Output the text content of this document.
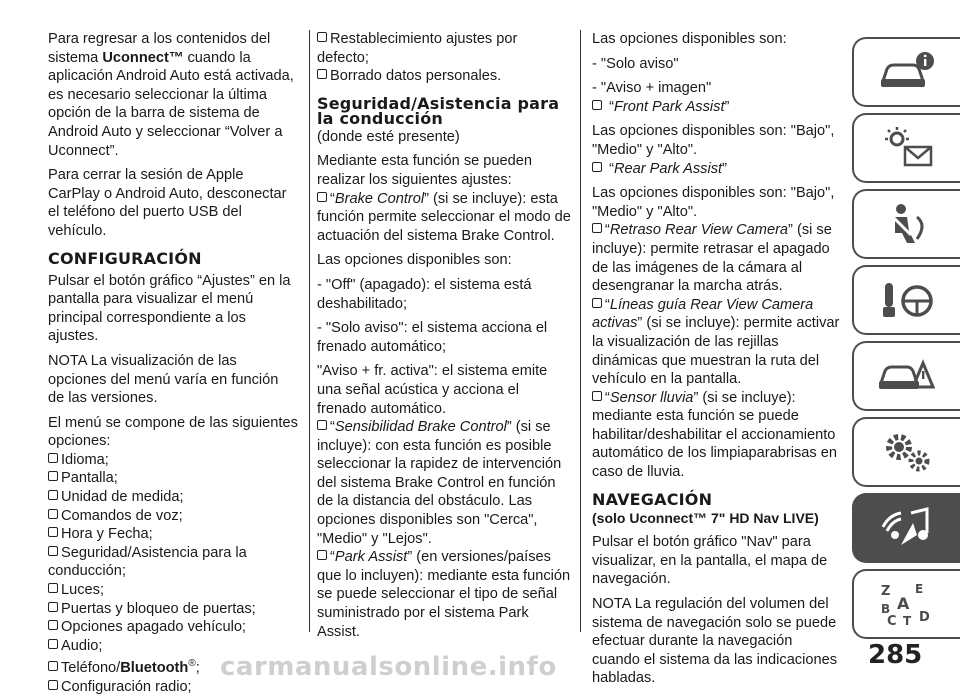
Para regresar a los contenidos del sistema Uconnect™ cuando la aplicación Android Auto está activada, es necesario seleccionar la última opción de la barra de sistema de Android Auto y seleccionar “Volver a Uconnect”.

Para cerrar la sesión de Apple CarPlay o Android Auto, desconectar el teléfono del puerto USB del vehículo.

CONFIGURACIÓN

Pulsar el botón gráfico “Ajustes” en la pantalla para visualizar el menú principal correspondiente a los ajustes.

NOTA La visualización de las opciones del menú varía en función de las versiones.

El menú se compone de las siguientes opciones:

Idioma;
Pantalla;
Unidad de medida;
Comandos de voz;
Hora y Fecha;
Seguridad/Asistencia para la conducción;
Luces;
Puertas y bloqueo de puertas;
Opciones apagado vehículo;
Audio;
Teléfono/Bluetooth®;
Configuración radio;
Restablecimiento ajustes por defecto;
Borrado datos personales.
Seguridad/Asistencia para la conducción

(donde esté presente)

Mediante esta función se pueden realizar los siguientes ajustes:

“Brake Control” (si se incluye): esta función permite seleccionar el modo de actuación del sistema Brake Control.

Las opciones disponibles son:

- "Off" (apagado): el sistema está deshabilitado;

- "Solo aviso": el sistema acciona el frenado automático;

"Aviso + fr. activa": el sistema emite una señal acústica y acciona el frenado automático.

“Sensibilidad Brake Control” (si se incluye): con esta función es posible seleccionar la rapidez de intervención del sistema Brake Control en función de la distancia del obstáculo. Las opciones disponibles son "Cerca", "Medio" y "Lejos".

“Park Assist” (en versiones/países que lo incluyen): mediante esta función se puede seleccionar el tipo de señal suministrado por el sistema Park Assist.

Las opciones disponibles son:

- "Solo aviso"

- "Aviso + imagen"

“Front Park Assist”

Las opciones disponibles son: "Bajo", "Medio" y "Alto".

“Rear Park Assist”

Las opciones disponibles son: "Bajo", "Medio" y "Alto".

“Retraso Rear View Camera” (si se incluye): permite retrasar el apagado de las imágenes de la cámara al desengranar la marcha atrás.

“Líneas guía Rear View Camera activas” (si se incluye): permite activar la visualización de las rejillas dinámicas que muestran la ruta del vehículo en la pantalla.

“Sensor lluvia” (si se incluye): mediante esta función se puede habilitar/deshabilitar el accionamiento automático de los limpiaparabrisas en caso de lluvia.

NAVEGACIÓN

(solo Uconnect™ 7" HD Nav LIVE)

Pulsar el botón gráfico "Nav" para visualizar, en la pantalla, el mapa de navegación.

NOTA La regulación del volumen del sistema de navegación solo se puede efectuar durante la navegación cuando el sistema da las indicaciones habladas.

Z E
A
B
C T D
285
carmanualsonline.info
